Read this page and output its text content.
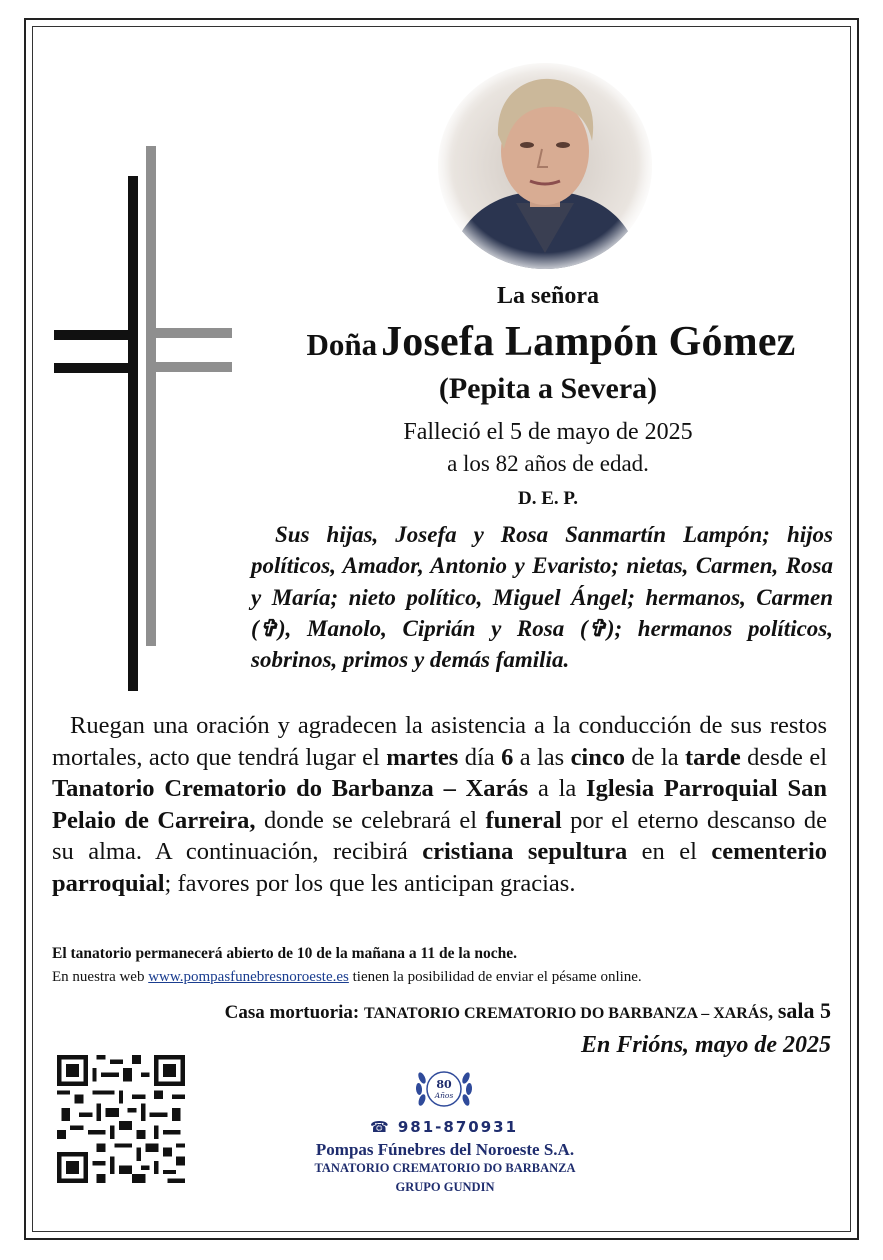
La señora
Doña Josefa Lampón Gómez
(Pepita a Severa)
Falleció el 5 de mayo de 2025
a los 82 años de edad.
D. E. P.

Sus hijas, Josefa y Rosa Sanmartín Lampón; hijos políticos, Amador, Antonio y Evaristo; nietas, Carmen, Rosa y María; nieto político, Miguel Ángel; hermanos, Carmen (✞), Manolo, Ciprián y Rosa (✞); hermanos políticos, sobrinos, primos y demás familia.

Ruegan una oración y agradecen la asistencia a la conducción de sus restos mortales, acto que tendrá lugar el martes día 6 a las cinco de la tarde desde el Tanatorio Crematorio do Barbanza – Xarás a la Iglesia Parroquial San Pelaio de Carreira, donde se celebrará el funeral por el eterno descanso de su alma. A continuación, recibirá cristiana sepultura en el cementerio parroquial; favores por los que les anticipan gracias.

El tanatorio permanecerá abierto de 10 de la mañana a 11 de la noche.
En nuestra web www.pompasfunebresnoroeste.es tienen la posibilidad de enviar el pésame online.
Casa mortuoria: TANATORIO CREMATORIO DO BARBANZA – XARÁS, sala 5
En Frións, mayo de 2025
80
Años
☎ 981-870931
Pompas Fúnebres del Noroeste S.A.
TANATORIO CREMATORIO DO BARBANZA
GRUPO GUNDIN
